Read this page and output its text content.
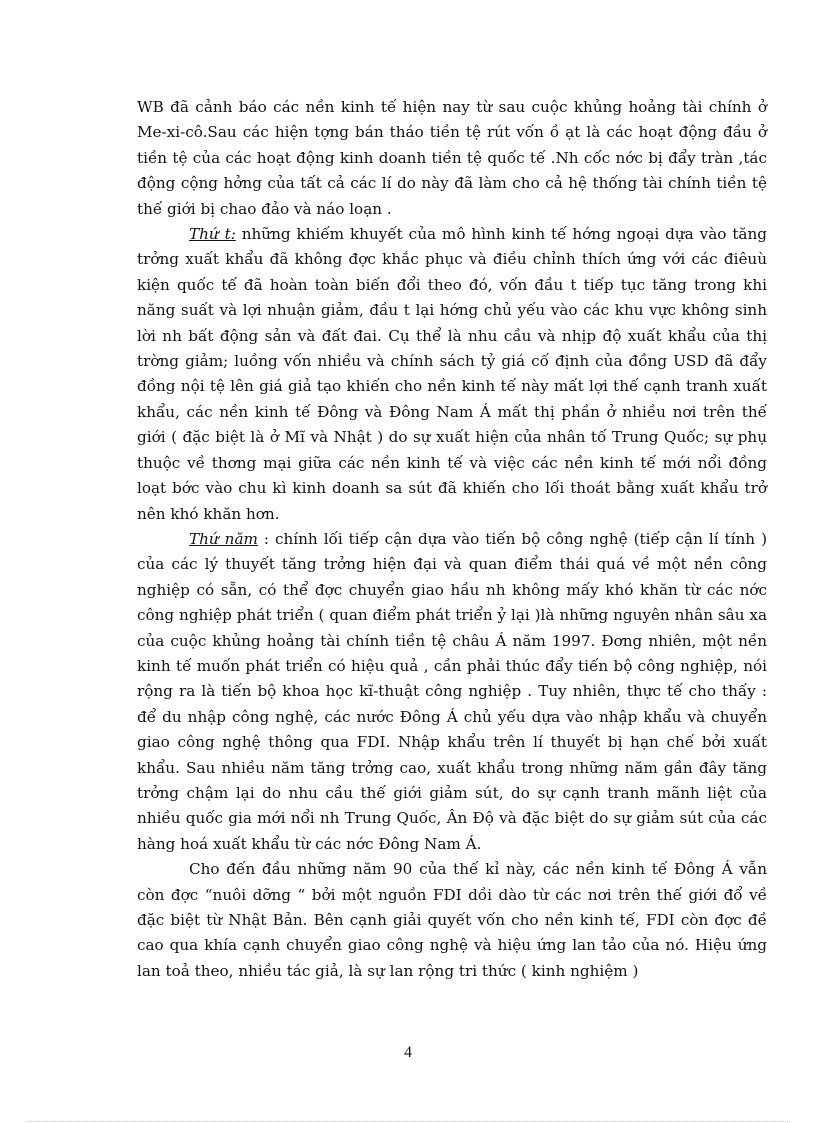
WB đã cảnh báo các nền kinh tế hiện nay từ sau cuộc khủng hoảng tài chính ở Me-xi-cô.Sau các hiện tợng bán tháo tiền tệ rút vốn ồ ạt là các hoạt động đầu ở tiền tệ của các hoạt động kinh doanh tiền tệ quốc tế .Nh cốc nớc bị đẩy tràn ,tác động cộng hởng của tất cả các lí do này đã làm cho cả hệ thống tài chính tiền tệ thế giới bị chao đảo và náo loạn .

Thứ t: những khiếm khuyết của mô hình kinh tế hớng ngoại dựa vào tăng trởng xuất khẩu đã không đợc khắc phục và điều chỉnh thích ứng với các điêuù kiện quốc tế đã hoàn toàn biến đổi theo đó, vốn đầu t tiếp tục tăng trong khi năng suất và lợi nhuận giảm, đầu t lại hớng chủ yếu vào các khu vực không sinh lời nh bất động sản và đất đai. Cụ thể là nhu cầu và nhịp độ xuất khẩu của thị trờng giảm; luồng vốn nhiều và chính sách tỷ giá cố định của đồng USD đã đẩy đồng nội tệ lên giá giả tạo khiến cho nền kinh tế này mất lợi thế cạnh tranh xuất khẩu, các nền kinh tế Đông và Đông Nam Á mất thị phần ở nhiều nơi trên thế giới ( đặc biệt là ở Mĩ và Nhật ) do sự xuất hiện của nhân tố Trung Quốc; sự phụ thuộc về thơng mại giữa các nền kinh tế và việc các nền kinh tế mới nổi đồng loạt bớc vào chu kì kinh doanh sa sút đã khiến cho lối thoát bằng xuất khẩu trở nên khó khăn hơn.

Thứ năm : chính lối tiếp cận dựa vào tiến bộ công nghệ (tiếp cận lí tính ) của các lý thuyết tăng trởng hiện đại và quan điểm thái quá về một nền công nghiệp có sẵn, có thể đợc chuyển giao hầu nh không mấy khó khăn từ các nớc công nghiệp phát triển ( quan điểm phát triển ỷ lại )là những nguyên nhân sâu xa của cuộc khủng hoảng tài chính tiền tệ châu Á năm 1997. Đơng nhiên, một nền kinh tế muốn phát triển có hiệu quả , cần phải thúc đẩy tiến bộ công nghiệp, nói rộng ra là tiến bộ khoa học kĩ-thuật công nghiệp . Tuy nhiên, thực tế cho thấy : để du nhập công nghệ, các nước Đông Á chủ yếu dựa vào nhập khẩu và chuyển giao công nghệ thông qua FDI. Nhập khẩu trên lí thuyết bị hạn chế bởi xuất khẩu. Sau nhiều năm tăng trởng cao, xuất khẩu trong những năm gần đây tăng trởng chậm lại do nhu cầu thế giới giảm sút, do sự cạnh tranh mãnh liệt của nhiều quốc gia mới nổi nh Trung Quốc, Ân Độ và đặc biệt do sự giảm sút của các hàng hoá xuất khẩu từ các nớc Đông Nam Á.

Cho đến đầu những năm 90 của thế kỉ này, các nền kinh tế Đông Á vẫn còn đợc “nuôi dỡng “ bởi một nguồn FDI dồi dào từ các nơi trên thế giới đổ về đặc biệt từ Nhật Bản. Bên cạnh giải quyết vốn cho nền kinh tế, FDI còn đợc đề cao qua khía cạnh chuyển giao công nghệ và hiệu ứng lan tảo của nó. Hiệu ứng lan toả theo, nhiều tác giả, là sự lan rộng tri thức ( kinh nghiệm )

4
